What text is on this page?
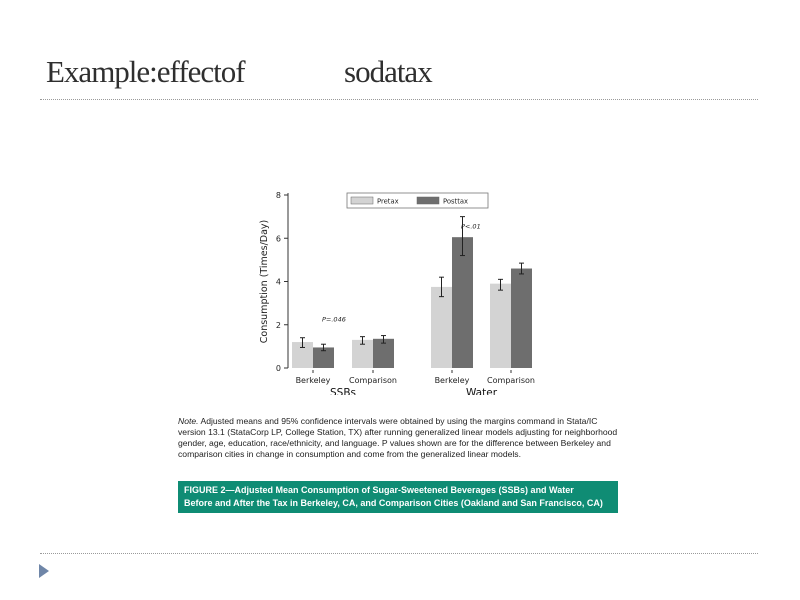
Example:effectof	sodatax
0
2
4
6
8
Consumption (Times/Day)
Berkeley Comparison	Berkeley Comparison
SSBs	Water
P=.046
P<.01
Pretax	Posttax
Note. Adjusted means and 95% confidence intervals were obtained by using the margins command in Stata/IC version 13.1 (StataCorp LP, College Station, TX) after running generalized linear models adjusting for neighborhood gender, age, education, race/ethnicity, and language. P values shown are for the difference between Berkeley and comparison cities in change in consumption and come from the generalized linear models.
FIGURE 2—Adjusted Mean Consumption of Sugar-Sweetened Beverages (SSBs) and Water
Before and After the Tax in Berkeley, CA, and Comparison Cities (Oakland and San Francisco, CA)
